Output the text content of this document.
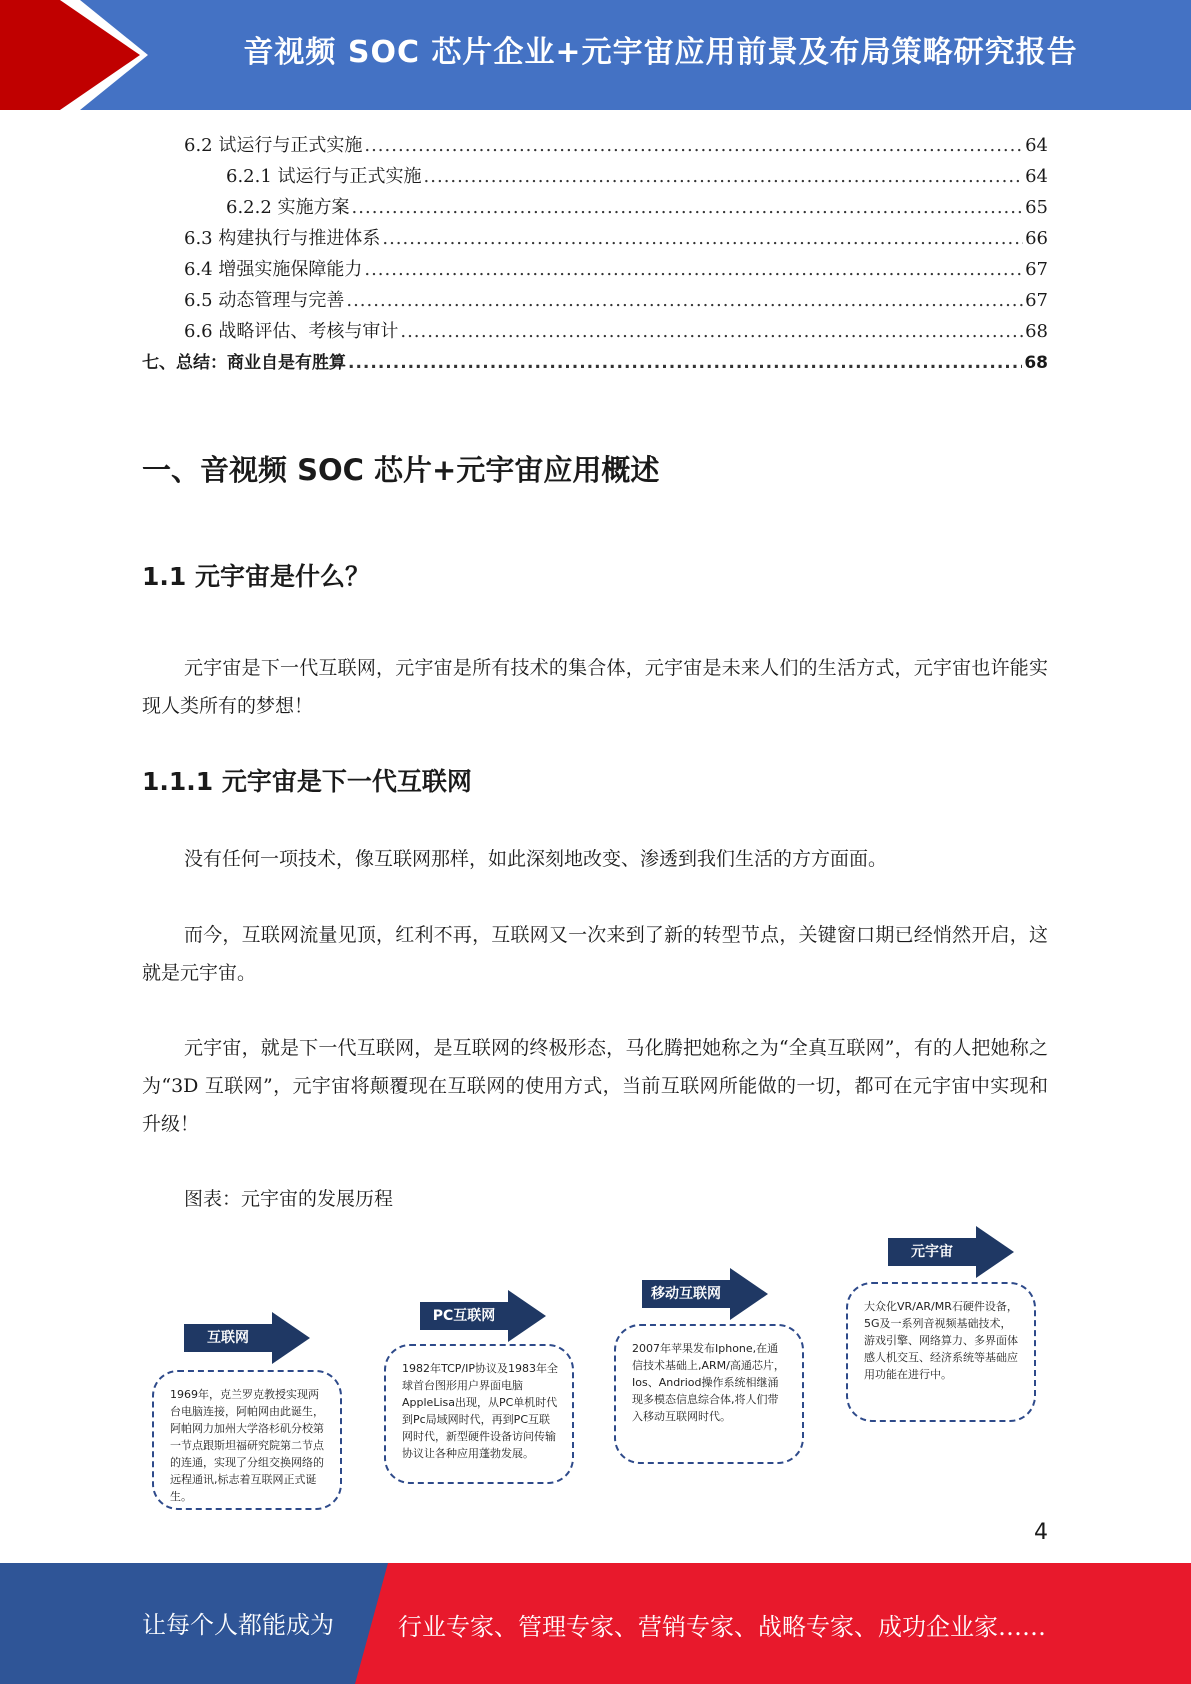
音视频 SOC 芯片企业+元宇宙应用前景及布局策略研究报告
6.2 试运行与正式实施 .....	64
6.2.1 试运行与正式实施 .....	64
6.2.2 实施方案 .....	65
6.3 构建执行与推进体系 .....	66
6.4 增强实施保障能力 .....	67
6.5 动态管理与完善 .....	67
6.6 战略评估、考核与审计 .....	68
七、总结：商业自是有胜算 .....	68
一、音视频 SOC 芯片+元宇宙应用概述
1.1 元宇宙是什么？

元宇宙是下一代互联网，元宇宙是所有技术的集合体，元宇宙是未来人们的生活方式，元宇宙也许能实现人类所有的梦想！

1.1.1 元宇宙是下一代互联网

没有任何一项技术，像互联网那样，如此深刻地改变、渗透到我们生活的方方面面。

而今，互联网流量见顶，红利不再，互联网又一次来到了新的转型节点，关键窗口期已经悄然开启，这就是元宇宙。

元宇宙，就是下一代互联网，是互联网的终极形态，马化腾把她称之为“全真互联网”，有的人把她称之为“3D 互联网”，元宇宙将颠覆现在互联网的使用方式，当前互联网所能做的一切，都可在元宇宙中实现和升级！

图表：元宇宙的发展历程

互联网
1969年，克兰罗克教授实现两台电脑连接，阿帕网由此诞生，阿帕网力加州大学洛杉矶分校第一节点跟斯坦福研究院第二节点的连通，实现了分组交换网络的远程通讯,标志着互联网正式诞生。
PC互联网
1982年TCP/IP协议及1983年全球首台图形用户界面电脑AppleLisa出现，从PC单机时代到Pc局域网时代，再到PC互联网时代，新型硬件设备访问传输协议让各种应用蓬勃发展。
移动互联网
2007年苹果发布Iphone,在通信技术基础上,ARM/高通芯片，Ios、Andriod操作系统相继涌现多模态信息综合体,将人们带入移动互联网时代。
元宇宙
大众化VR/AR/MR石硬件设备，5G及一系列音视频基础技术，游戏引擎、网络算力、多界面体感人机交互、经济系统等基础应用功能在进行中。
4
让每个人都能成为	行业专家、管理专家、营销专家、战略专家、成功企业家……
